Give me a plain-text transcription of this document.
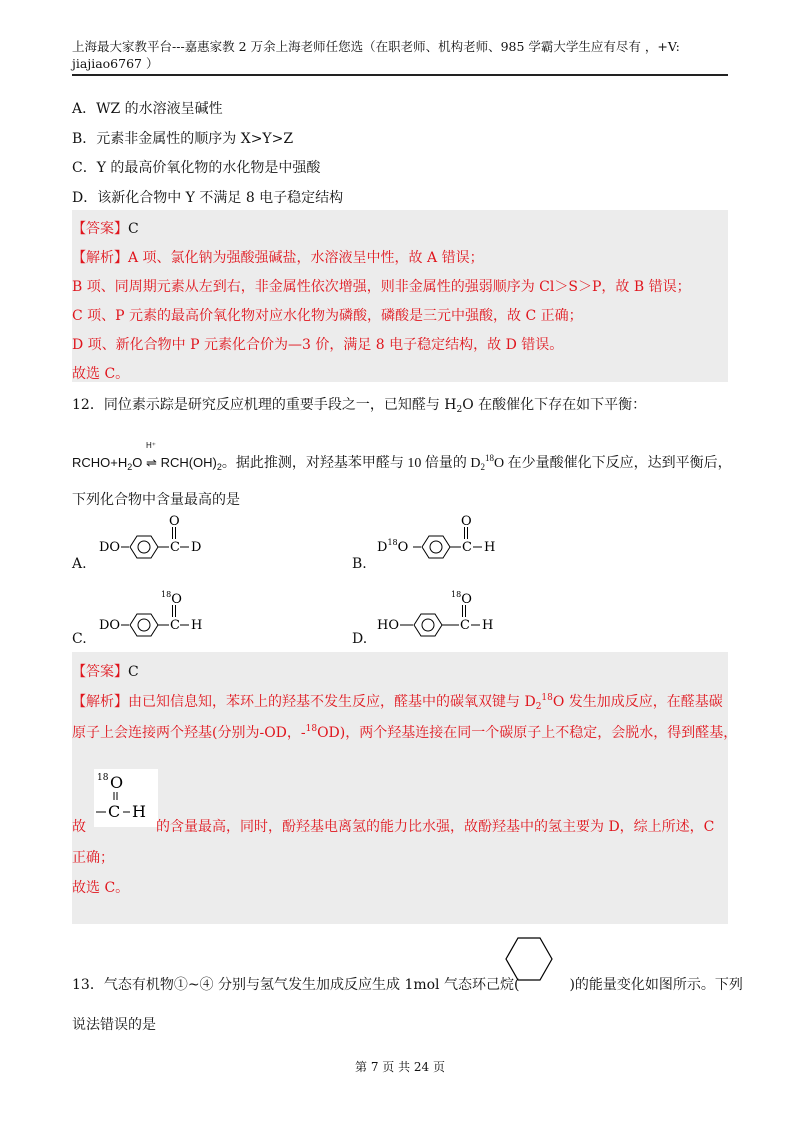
上海最大家教平台---嘉惠家教 2 万余上海老师任您选（在职老师、机构老师、985 学霸大学生应有尽有 ，+V:
jiajiao6767 ）
A．WZ 的水溶液呈碱性
B．元素非金属性的顺序为 X>Y>Z
C．Y 的最高价氧化物的水化物是中强酸
D．该新化合物中 Y 不满足 8 电子稳定结构
【答案】C
【解析】A 项、氯化钠为强酸强碱盐，水溶液呈中性，故 A 错误；
B 项、同周期元素从左到右，非金属性依次增强，则非金属性的强弱顺序为 Cl＞S＞P，故 B 错误；
C 项、P 元素的最高价氧化物对应水化物为磷酸，磷酸是三元中强酸，故 C 正确；
D 项、新化合物中 P 元素化合价为—3 价，满足 8 电子稳定结构，故 D 错误。
故选 C。
12．同位素示踪是研究反应机理的重要手段之一，已知醛与 $H_2O$ 在酸催化下存在如下平衡：
$RCHO+H_2O$
H⁺
⇌ $RCH(OH)_2$。据此推测，对羟基苯甲醛与 10 倍量的 $D_2^{18}O$ 在少量酸催化下反应，达到平衡后，
下列化合物中含量最高的是
DO	C
O
D
A.
$D^{18}O$	C
O
H
B.
DO	C
$^{18}$O
H
C.
HO	C
$^{18}$O
H
D.
【答案】C
【解析】由已知信息知，苯环上的羟基不发生反应，醛基中的碳氧双键与 $D_2^{18}O$ 发生加成反应，在醛基碳
原子上会连接两个羟基(分别为-OD，-$^{18}$OD)，两个羟基连接在同一个碳原子上不稳定，会脱水，得到醛基，
18 O
C H
故	的含量最高，同时，酚羟基电离氢的能力比水强，故酚羟基中的氢主要为 D，综上所述，C
正确；
故选 C。
13．气态有机物①~④ 分别与氢气发生加成反应生成 1mol 气态环己烷(	)的能量变化如图所示。下列
说法错误的是
第 7 页 共 24 页
